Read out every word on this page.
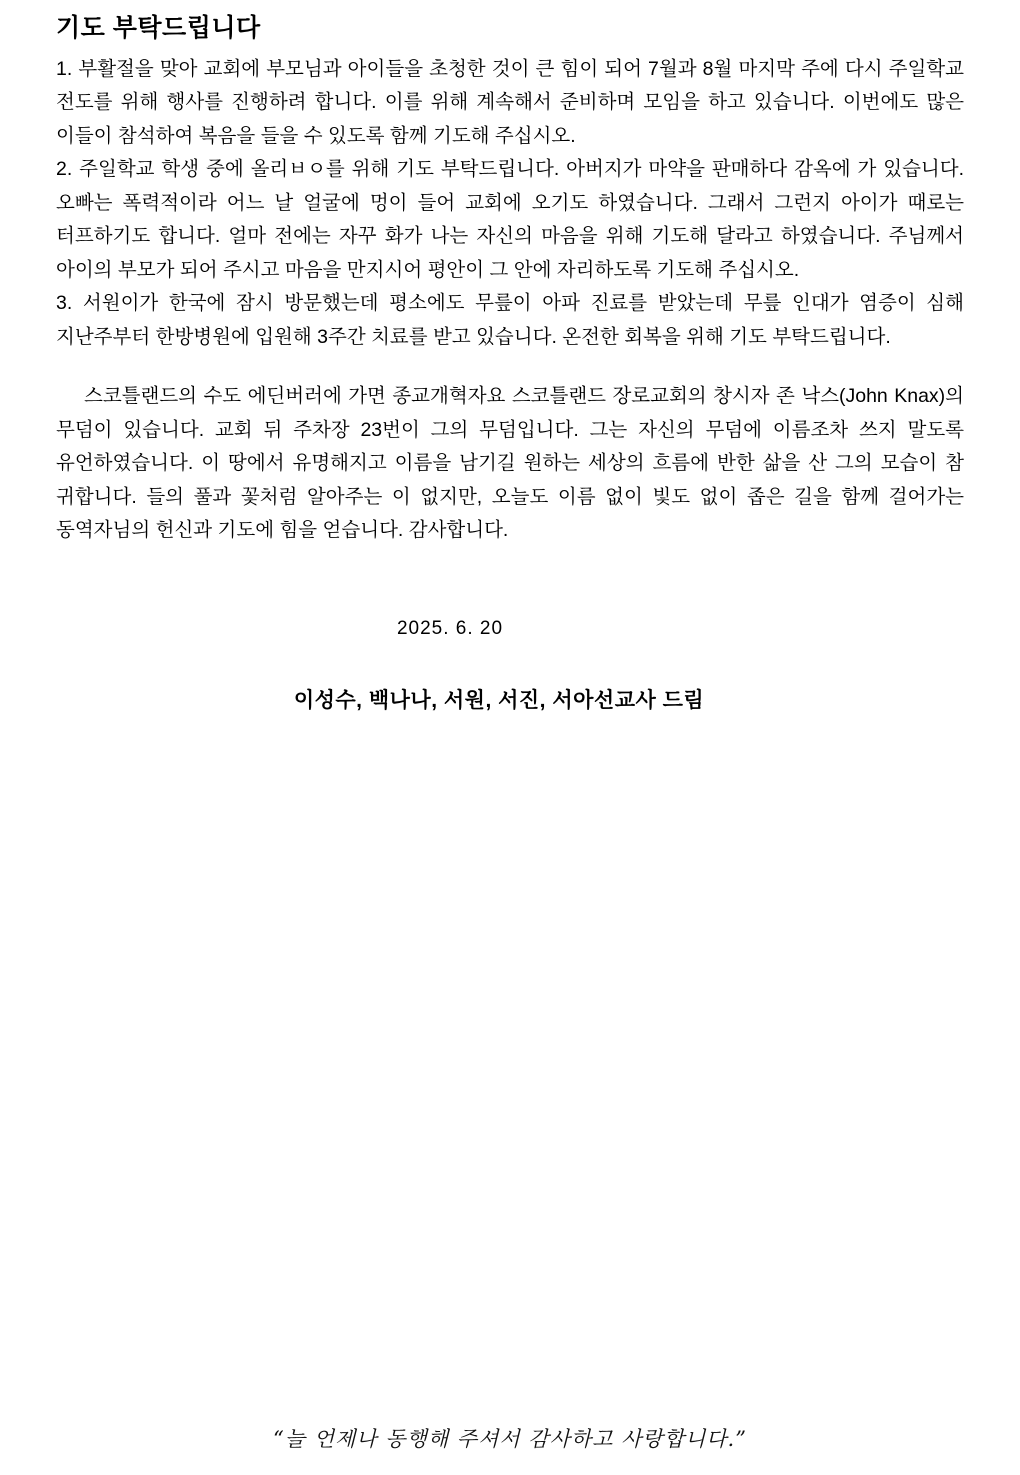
기도 부탁드립니다

1. 부활절을 맞아 교회에 부모님과 아이들을 초청한 것이 큰 힘이 되어 7월과 8월 마지막 주에 다시 주일학교 전도를 위해 행사를 진행하려 합니다. 이를 위해 계속해서 준비하며 모임을 하고 있습니다. 이번에도 많은 이들이 참석하여 복음을 들을 수 있도록 함께 기도해 주십시오.

2. 주일학교 학생 중에 올리ㅂㅇ를 위해 기도 부탁드립니다. 아버지가 마약을 판매하다 감옥에 가 있습니다. 오빠는 폭력적이라 어느 날 얼굴에 멍이 들어 교회에 오기도 하였습니다. 그래서 그런지 아이가 때로는 터프하기도 합니다. 얼마 전에는 자꾸 화가 나는 자신의 마음을 위해 기도해 달라고 하였습니다. 주님께서 아이의 부모가 되어 주시고 마음을 만지시어 평안이 그 안에 자리하도록 기도해 주십시오.

3. 서원이가 한국에 잠시 방문했는데 평소에도 무릎이 아파 진료를 받았는데 무릎 인대가 염증이 심해 지난주부터 한방병원에 입원해 3주간 치료를 받고 있습니다. 온전한 회복을 위해 기도 부탁드립니다.

스코틀랜드의 수도 에딘버러에 가면 종교개혁자요 스코틀랜드 장로교회의 창시자 존 낙스(John Knax)의 무덤이 있습니다. 교회 뒤 주차장 23번이 그의 무덤입니다. 그는 자신의 무덤에 이름조차 쓰지 말도록 유언하였습니다. 이 땅에서 유명해지고 이름을 남기길 원하는 세상의 흐름에 반한 삶을 산 그의 모습이 참 귀합니다. 들의 풀과 꽃처럼 알아주는 이 없지만, 오늘도 이름 없이 빛도 없이 좁은 길을 함께 걸어가는 동역자님의 헌신과 기도에 힘을 얻습니다. 감사합니다.

2025. 6. 20
이성수, 백나나, 서원, 서진, 서아선교사 드림
“늘 언제나 동행해 주셔서 감사하고 사랑합니다.”
